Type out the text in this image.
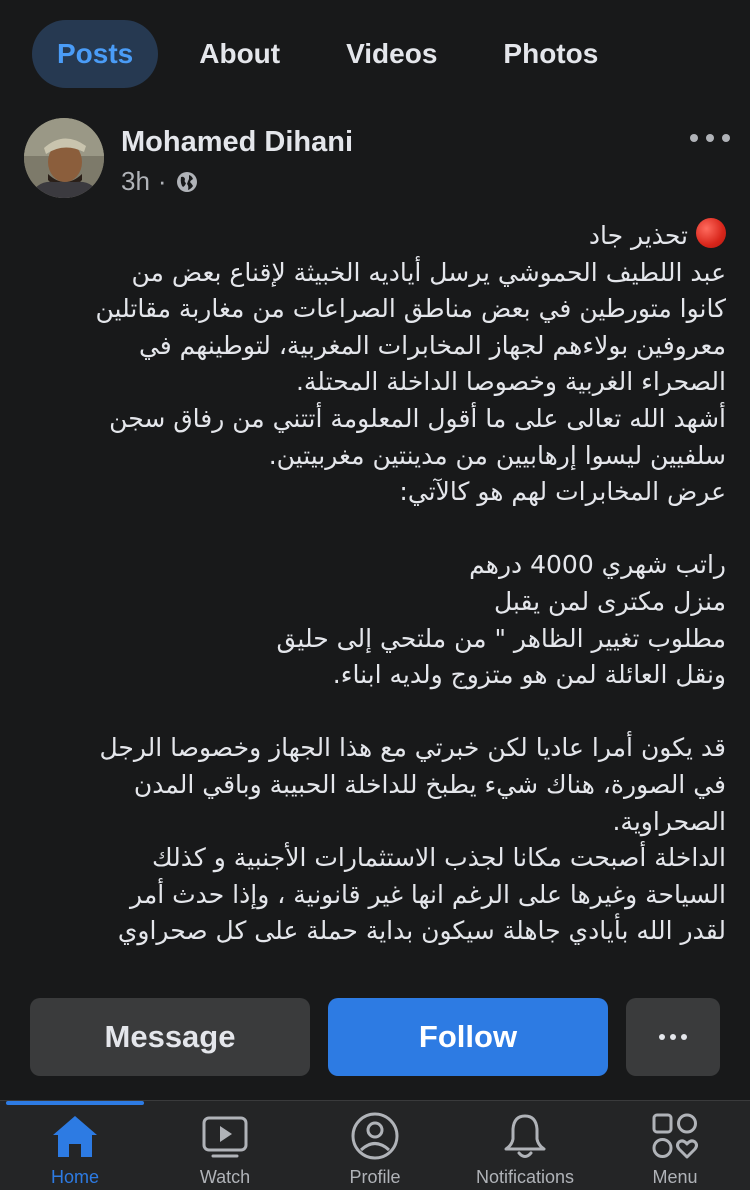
Posts	About	Videos	Photos
Mohamed Dihani
3h ·

تحذير جاد

عبد اللطيف الحموشي يرسل أياديه الخبيثة لإقناع بعض من

كانوا متورطين في بعض مناطق الصراعات من مغاربة مقاتلين

معروفين بولاءهم لجهاز المخابرات المغربية، لتوطينهم في

الصحراء الغربية وخصوصا الداخلة المحتلة.

أشهد الله تعالى على ما أقول المعلومة أتتني من رفاق سجن

سلفيين ليسوا إرهابيين من مدينتين مغربيتين.

عرض المخابرات لهم هو كالآتي:

راتب شهري 4000 درهم

منزل مكترى لمن يقبل

مطلوب تغيير الظاهر " من ملتحي إلى حليق

ونقل العائلة لمن هو متزوج ولديه ابناء.

قد يكون أمرا عاديا لكن خبرتي مع هذا الجهاز وخصوصا الرجل

في الصورة، هناك شيء يطبخ للداخلة الحبيبة وباقي المدن

الصحراوية.

الداخلة أصبحت مكانا لجذب الاستثمارات الأجنبية و كذلك

السياحة وغيرها على الرغم انها غير قانونية ، وإذا حدث أمر

لقدر الله بأيادي جاهلة سيكون بداية حملة على كل صحراوي

Message	Follow
Home	Watch	Profile	Notifications	Menu
